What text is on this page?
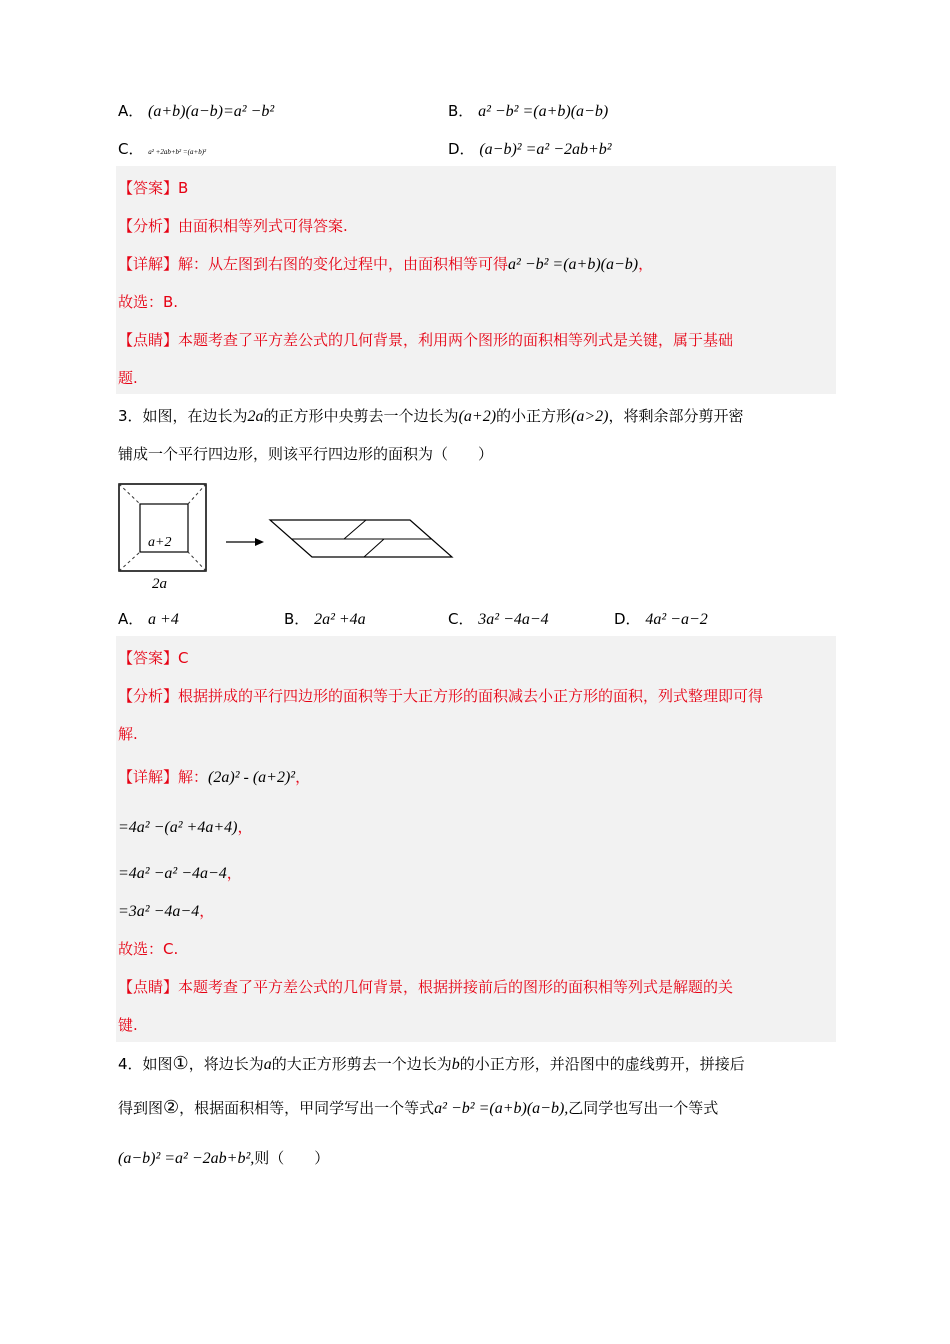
A． (a+b)(a−b)=a² −b²	B． a² −b² =(a+b)(a−b)
C． a² +2ab+b² =(a+b)²	D． (a−b)² =a² −2ab+b²
【答案】B
【分析】由面积相等列式可得答案.
【详解】解：从左图到右图的变化过程中，由面积相等可得a² −b² =(a+b)(a−b)，
故选：B.
【点睛】本题考查了平方差公式的几何背景，利用两个图形的面积相等列式是关键，属于基础
题.
3．如图，在边长为2a的正方形中央剪去一个边长为(a+2)的小正方形(a>2)，将剩余部分剪开密
铺成一个平行四边形，则该平行四边形的面积为（　　）
a+2
2a
A． a +4	B． 2a² +4a	C． 3a² −4a−4	D． 4a² −a−2
【答案】C
【分析】根据拼成的平行四边形的面积等于大正方形的面积减去小正方形的面积，列式整理即可得
解.
【详解】解：(2a)² - (a+2)²，
=4a² −(a² +4a+4)，
=4a² −a² −4a−4，
=3a² −4a−4，
故选：C.
【点睛】本题考查了平方差公式的几何背景，根据拼接前后的图形的面积相等列式是解题的关
键.
4．如图①，将边长为a的大正方形剪去一个边长为b的小正方形，并沿图中的虚线剪开，拼接后
得到图②，根据面积相等，甲同学写出一个等式a² −b² =(a+b)(a−b),乙同学也写出一个等式
(a−b)² =a² −2ab+b²,则（　　）
